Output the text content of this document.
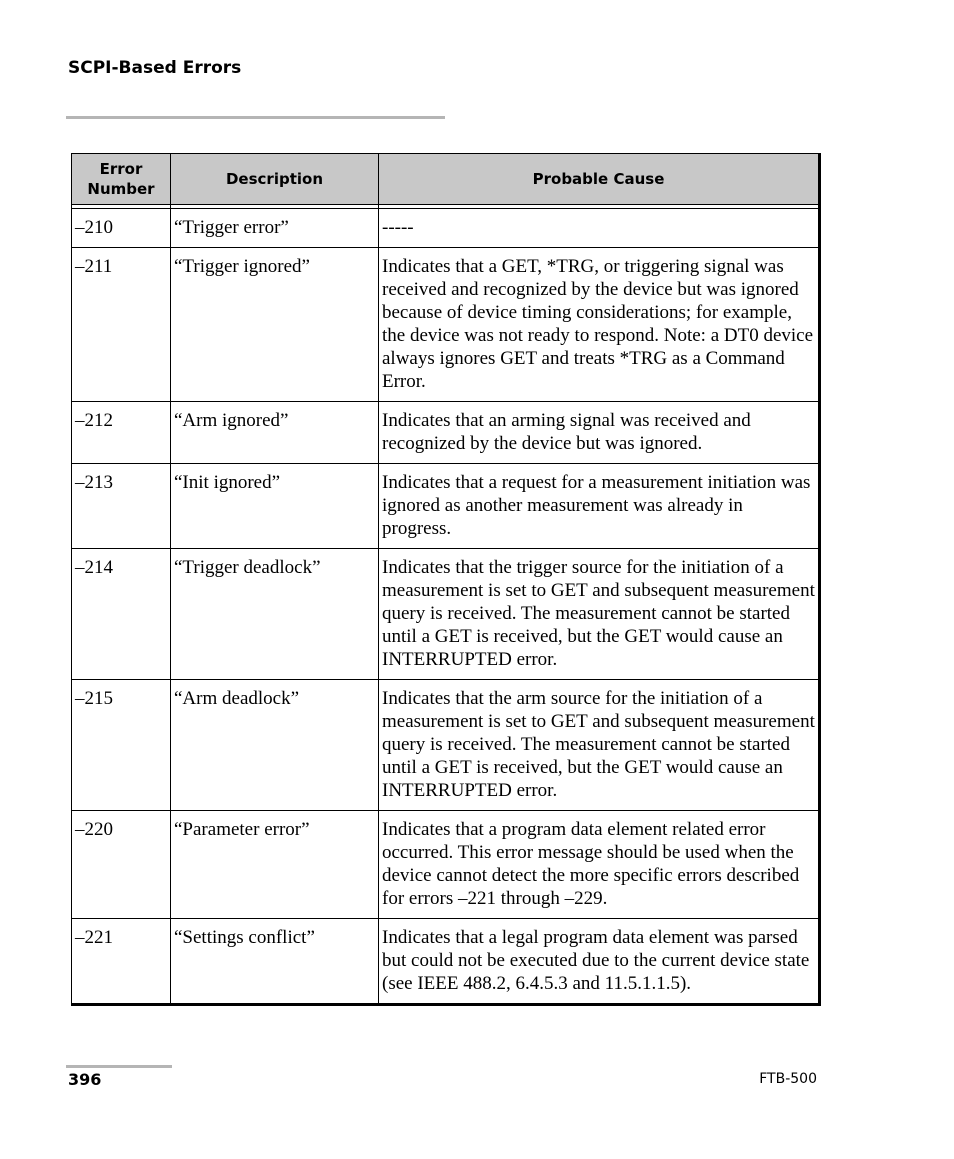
SCPI-Based Errors
Error
Number	Description	Probable Cause

–210	“Trigger error”	-----
–211	“Trigger ignored”	Indicates that a GET, *TRG, or triggering signal was received and recognized by the device but was ignored because of device timing considerations; for example, the device was not ready to respond. Note: a DT0 device always ignores GET and treats *TRG as a Command Error.
–212	“Arm ignored”	Indicates that an arming signal was received and recognized by the device but was ignored.
–213	“Init ignored”	Indicates that a request for a measurement initiation was ignored as another measurement was already in progress.
–214	“Trigger deadlock”	Indicates that the trigger source for the initiation of a measurement is set to GET and subsequent measurement query is received. The measurement cannot be started until a GET is received, but the GET would cause an INTERRUPTED error.
–215	“Arm deadlock”	Indicates that the arm source for the initiation of a measurement is set to GET and subsequent measurement query is received. The measurement cannot be started until a GET is received, but the GET would cause an INTERRUPTED error.
–220	“Parameter error”	Indicates that a program data element related error occurred. This error message should be used when the device cannot detect the more specific errors described for errors –221 through –229.
–221	“Settings conflict”	Indicates that a legal program data element was parsed but could not be executed due to the current device state (see IEEE 488.2, 6.4.5.3 and 11.5.1.1.5).
396	FTB-500
